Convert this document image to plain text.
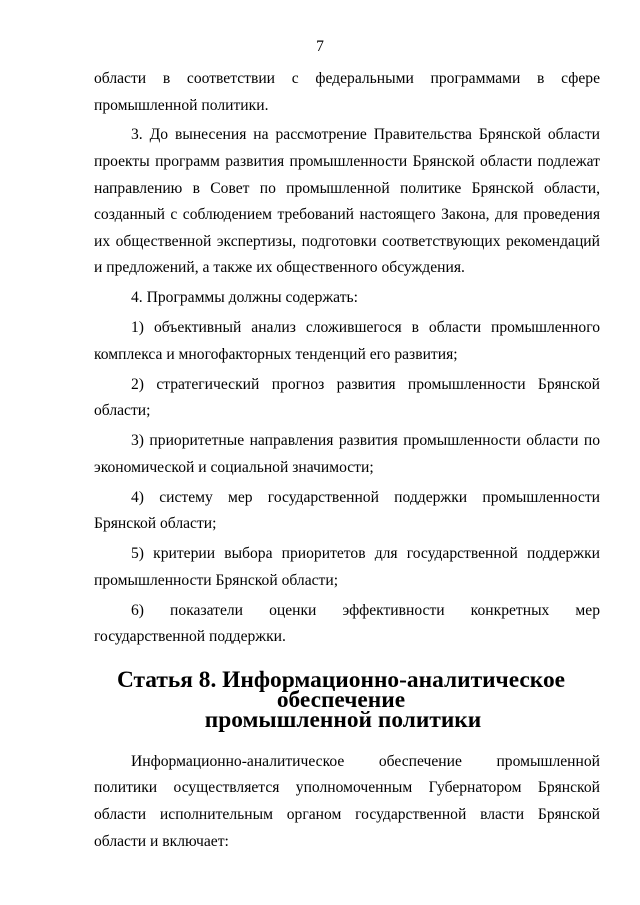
7

области в соответствии с федеральными программами в сфере промышленной политики.

3. До вынесения на рассмотрение Правительства Брянской области проекты программ развития промышленности Брянской области подлежат направлению в Совет по промышленной политике Брянской области, созданный с соблюдением требований настоящего Закона, для проведения их общественной экспертизы, подготовки соответствующих рекомендаций и предложений, а также их общественного обсуждения.

4. Программы должны содержать:

1) объективный анализ сложившегося в области промышленного комплекса и многофакторных тенденций его развития;

2) стратегический прогноз развития промышленности Брянской области;

3) приоритетные направления развития промышленности области по экономической и социальной значимости;

4) систему мер государственной поддержки промышленности Брянской области;

5) критерии выбора приоритетов для государственной поддержки промышленности Брянской области;

6) показатели оценки эффективности конкретных мер государственной поддержки.

Статья 8. Информационно-аналитическое обеспечение
промышленной политики

Информационно-аналитическое обеспечение промышленной политики осуществляется уполномоченным Губернатором Брянской области исполнительным органом государственной власти Брянской области и включает:
